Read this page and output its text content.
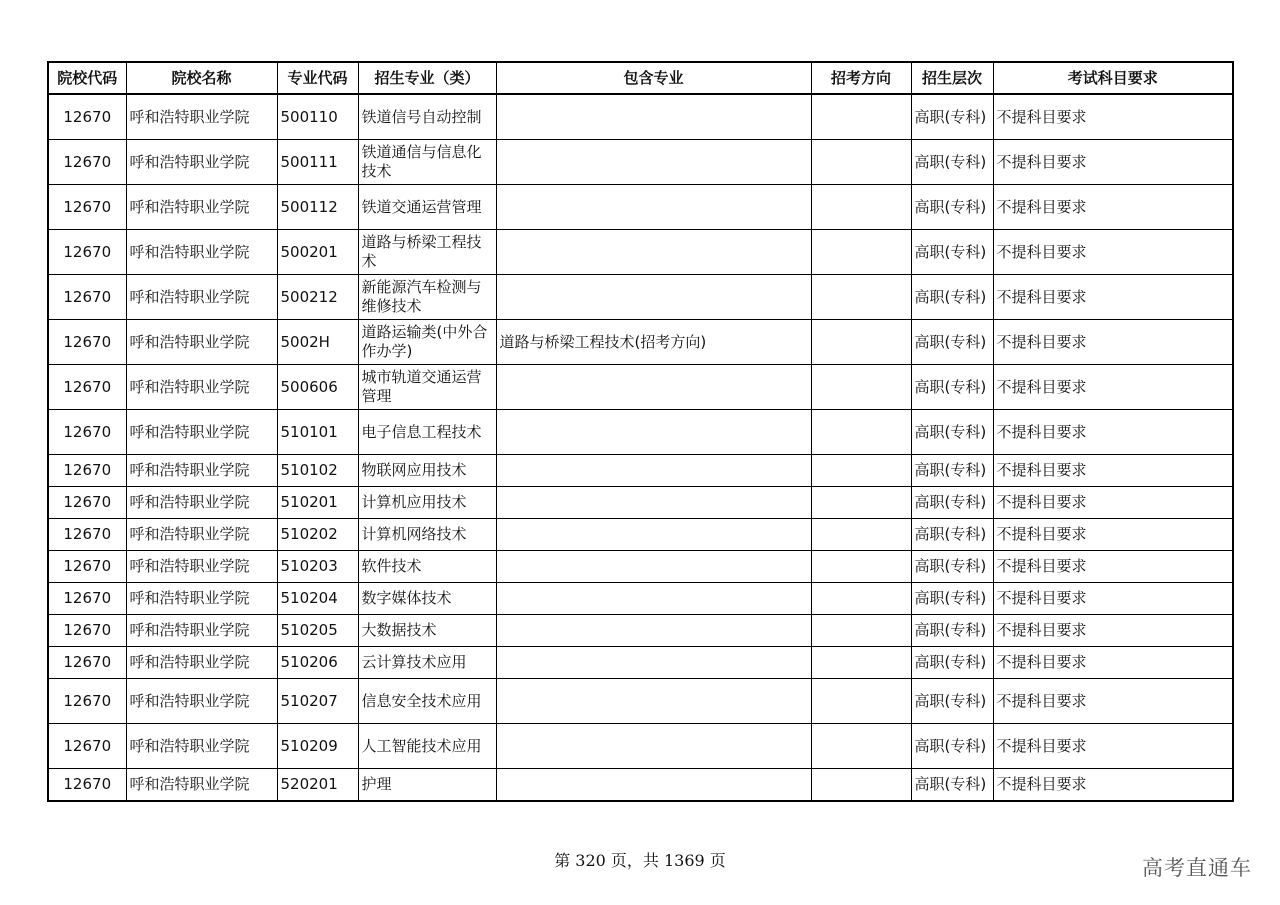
院校代码	院校名称	专业代码	招生专业（类）	包含专业	招考方向	招生层次	考试科目要求
12670	呼和浩特职业学院	500110	铁道信号自动控制			高职(专科)	不提科目要求
12670	呼和浩特职业学院	500111	铁道通信与信息化技术			高职(专科)	不提科目要求
12670	呼和浩特职业学院	500112	铁道交通运营管理			高职(专科)	不提科目要求
12670	呼和浩特职业学院	500201	道路与桥梁工程技术			高职(专科)	不提科目要求
12670	呼和浩特职业学院	500212	新能源汽车检测与维修技术			高职(专科)	不提科目要求
12670	呼和浩特职业学院	5002H	道路运输类(中外合作办学)	道路与桥梁工程技术(招考方向)		高职(专科)	不提科目要求
12670	呼和浩特职业学院	500606	城市轨道交通运营管理			高职(专科)	不提科目要求
12670	呼和浩特职业学院	510101	电子信息工程技术			高职(专科)	不提科目要求
12670	呼和浩特职业学院	510102	物联网应用技术			高职(专科)	不提科目要求
12670	呼和浩特职业学院	510201	计算机应用技术			高职(专科)	不提科目要求
12670	呼和浩特职业学院	510202	计算机网络技术			高职(专科)	不提科目要求
12670	呼和浩特职业学院	510203	软件技术			高职(专科)	不提科目要求
12670	呼和浩特职业学院	510204	数字媒体技术			高职(专科)	不提科目要求
12670	呼和浩特职业学院	510205	大数据技术			高职(专科)	不提科目要求
12670	呼和浩特职业学院	510206	云计算技术应用			高职(专科)	不提科目要求
12670	呼和浩特职业学院	510207	信息安全技术应用			高职(专科)	不提科目要求
12670	呼和浩特职业学院	510209	人工智能技术应用			高职(专科)	不提科目要求
12670	呼和浩特职业学院	520201	护理			高职(专科)	不提科目要求
第 320 页，共 1369 页	高考直通车
